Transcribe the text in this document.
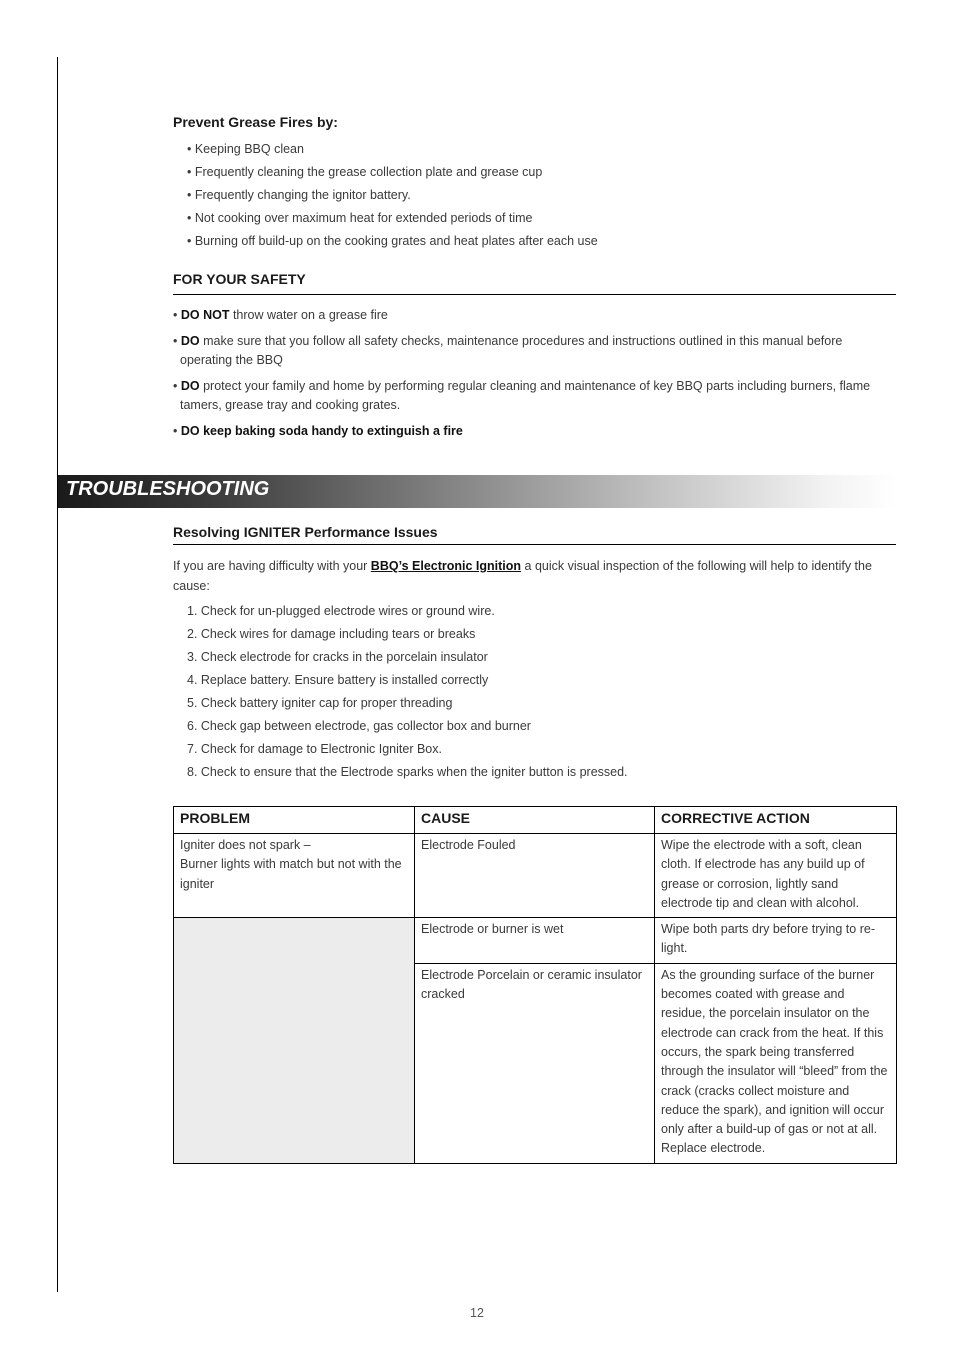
Prevent Grease Fires by:
• Keeping BBQ clean
• Frequently cleaning the grease collection plate and grease cup
• Frequently changing the ignitor battery.
• Not cooking over maximum heat for extended periods of time
• Burning off build-up on the cooking grates and heat plates after each use
FOR YOUR SAFETY
• DO NOT throw water on a grease fire
• DO make sure that you follow all safety checks, maintenance procedures and instructions outlined in this manual before operating the BBQ
• DO protect your family and home by performing regular cleaning and maintenance of key BBQ parts including burners, flame tamers, grease tray and cooking grates.
• DO keep baking soda handy to extinguish a fire
TROUBLESHOOTING
Resolving IGNITER Performance Issues

If you are having difficulty with your BBQ’s Electronic Ignition a quick visual inspection of the following will help to identify the cause:

1. Check for un-plugged electrode wires or ground wire.
2. Check wires for damage including tears or breaks
3. Check electrode for cracks in the porcelain insulator
4. Replace battery. Ensure battery is installed correctly
5. Check battery igniter cap for proper threading
6. Check gap between electrode, gas collector box and burner
7. Check for damage to Electronic Igniter Box.
8. Check to ensure that the Electrode sparks when the igniter button is pressed.
PROBLEM	CAUSE	CORRECTIVE ACTION
Igniter does not spark –
Burner lights with match but not with the igniter	Electrode Fouled	Wipe the electrode with a soft, clean cloth. If electrode has any build up of grease or corrosion, lightly sand electrode tip and clean with alcohol.
	Electrode or burner is wet	Wipe both parts dry before trying to re-light.
	Electrode Porcelain or ceramic insulator cracked	As the grounding surface of the burner becomes coated with grease and residue, the porcelain insulator on the electrode can crack from the heat. If this occurs, the spark being transferred through the insulator will “bleed” from the crack (cracks collect moisture and reduce the spark), and ignition will occur only after a build-up of gas or not at all. Replace electrode.
12
